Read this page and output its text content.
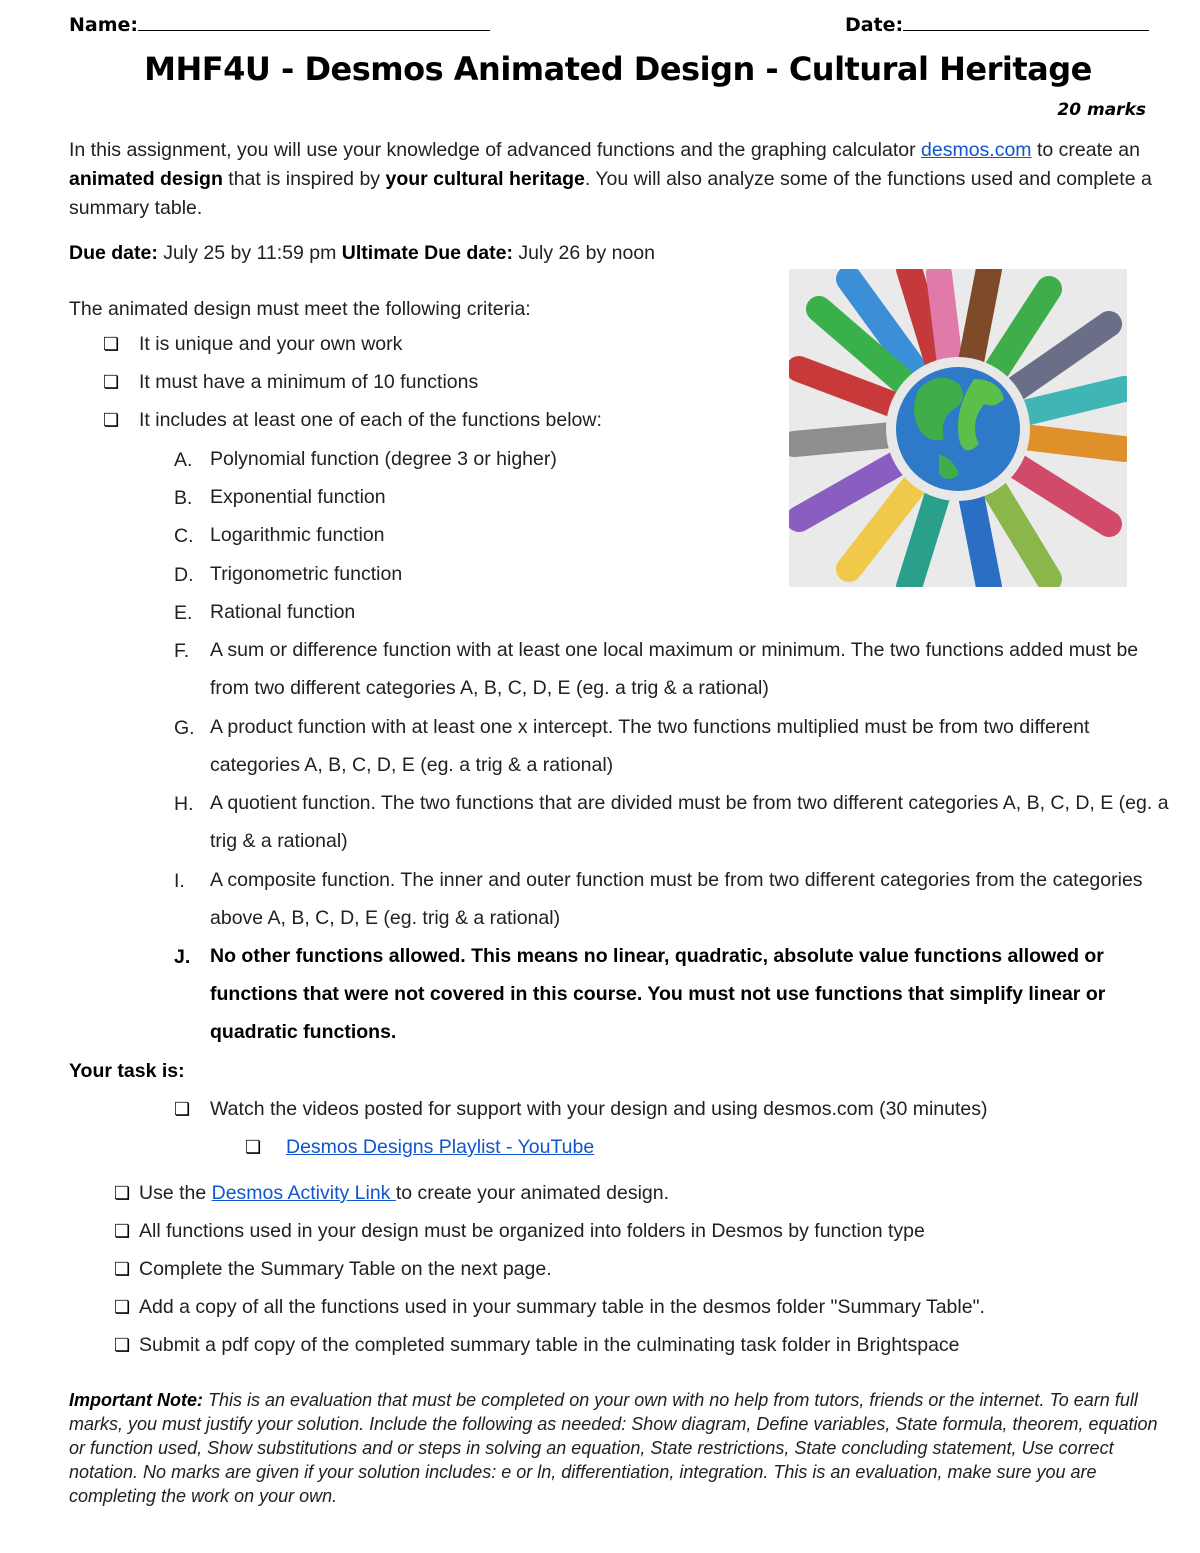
Name:	Date:
MHF4U - Desmos Animated Design - Cultural Heritage
20 marks
In this assignment, you will use your knowledge of advanced functions and the graphing calculator desmos.com to create an animated design that is inspired by your cultural heritage. You will also analyze some of the functions used and complete a summary table.
Due date: July 25 by 11:59 pm Ultimate Due date: July 26 by noon
The animated design must meet the following criteria:
❏ It is unique and your own work
❏ It must have a minimum of 10 functions
❏ It includes at least one of each of the functions below:
A. Polynomial function (degree 3 or higher)
B. Exponential function
C. Logarithmic function
D. Trigonometric function
E. Rational function
F. A sum or difference function with at least one local maximum or minimum. The two functions added must be from two different categories A, B, C, D, E (eg. a trig & a rational)
G. A product function with at least one x intercept. The two functions multiplied must be from two different categories A, B, C, D, E (eg. a trig & a rational)
H. A quotient function. The two functions that are divided must be from two different categories A, B, C, D, E (eg. a trig & a rational)
I. A composite function. The inner and outer function must be from two different categories from the categories above A, B, C, D, E (eg. trig & a rational)
J. No other functions allowed. This means no linear, quadratic, absolute value functions allowed or functions that were not covered in this course. You must not use functions that simplify linear or quadratic functions.
Your task is:
❏ Watch the videos posted for support with your design and using desmos.com (30 minutes)
❏ Desmos Designs Playlist - YouTube
❏ Use the Desmos Activity Link to create your animated design.
❏ All functions used in your design must be organized into folders in Desmos by function type
❏ Complete the Summary Table on the next page.
❏ Add a copy of all the functions used in your summary table in the desmos folder "Summary Table".
❏ Submit a pdf copy of the completed summary table in the culminating task folder in Brightspace
Important Note: This is an evaluation that must be completed on your own with no help from tutors, friends or the internet. To earn full marks, you must justify your solution. Include the following as needed: Show diagram, Define variables, State formula, theorem, equation or function used, Show substitutions and or steps in solving an equation, State restrictions, State concluding statement, Use correct notation. No marks are given if your solution includes: e or ln, differentiation, integration. This is an evaluation, make sure you are completing the work on your own.
